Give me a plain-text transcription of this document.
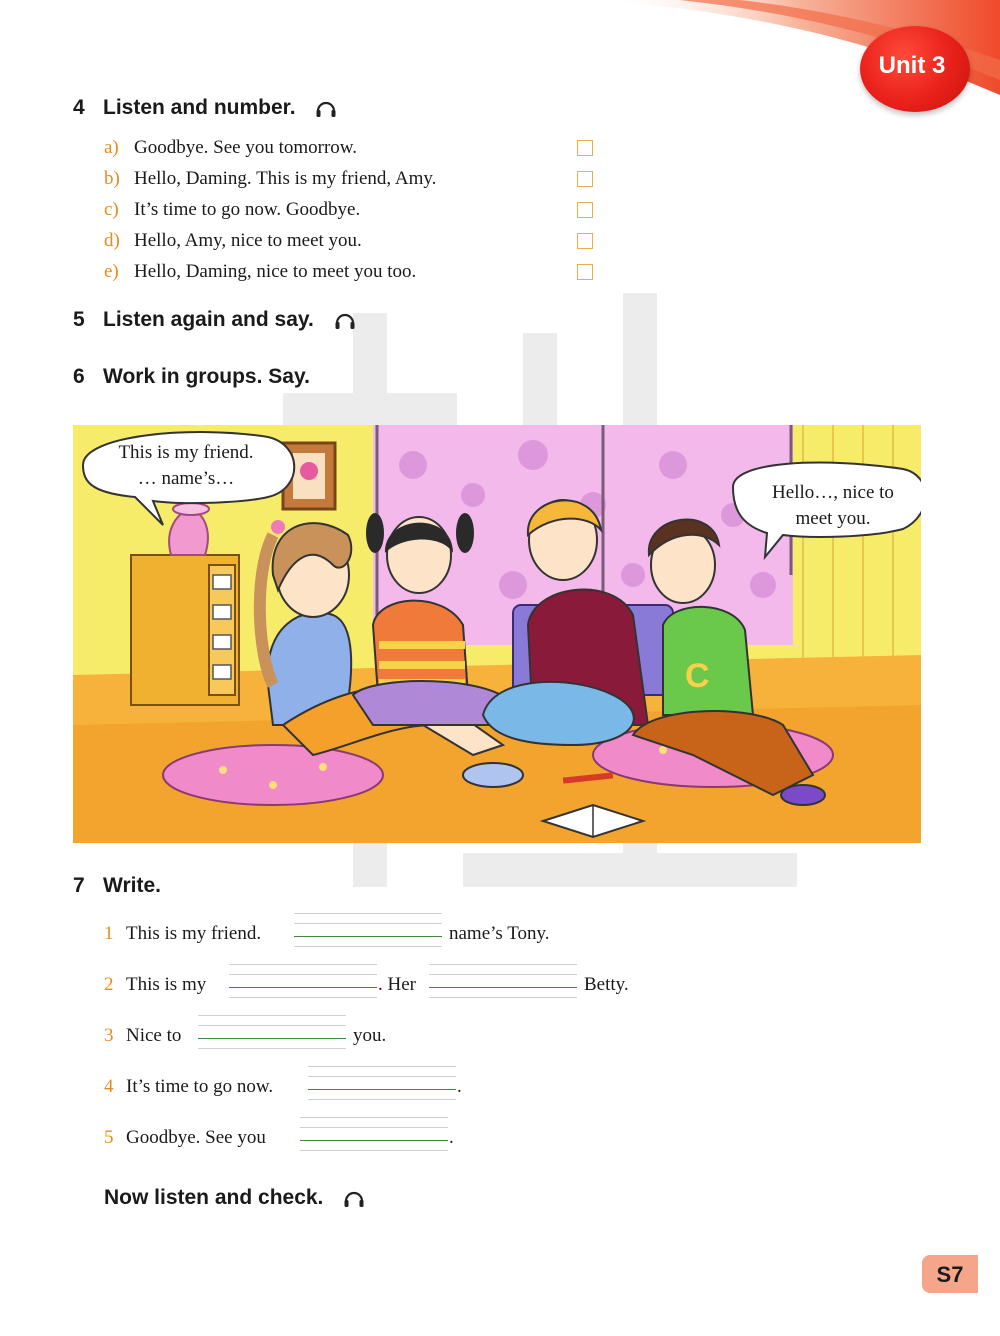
Unit 3
4 Listen and number.
a) Goodbye. See you tomorrow.
b) Hello, Daming. This is my friend, Amy.
c) It’s time to go now. Goodbye.
d) Hello, Amy, nice to meet you.
e) Hello, Daming, nice to meet you too.
5 Listen again and say.
6 Work in groups. Say.
C
This is my friend.
… name’s…
Hello…, nice to
meet you.
7 Write.
1 This is my friend.	name’s Tony.
2 This is my	. Her	Betty.
3 Nice to	you.
4 It’s time to go now.	.
5 Goodbye. See you	.
Now listen and check.
S7
